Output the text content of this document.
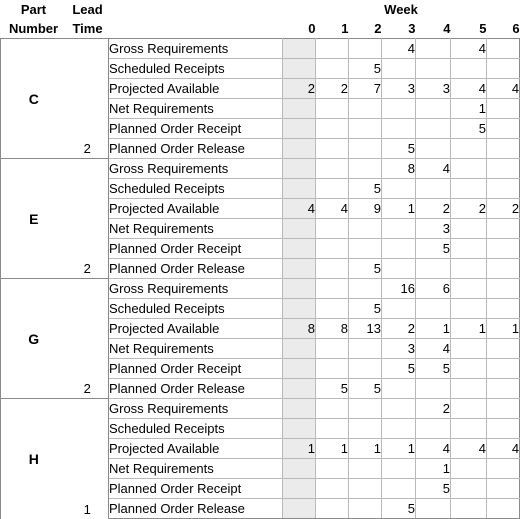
Part	Lead		Week						
Number	Time		0	1	2	3	4	5	6
C	2	Gross Requirements				4		4	
		Scheduled Receipts			5				
		Projected Available	2	2	7	3	3	4	4
		Net Requirements						1	
		Planned Order Receipt						5	
		Planned Order Release				5			
E	2	Gross Requirements				8	4		
		Scheduled Receipts			5				
		Projected Available	4	4	9	1	2	2	2
		Net Requirements					3		
		Planned Order Receipt					5		
		Planned Order Release			5				
G	2	Gross Requirements				16	6		
		Scheduled Receipts			5				
		Projected Available	8	8	13	2	1	1	1
		Net Requirements				3	4		
		Planned Order Receipt				5	5		
		Planned Order Release		5	5				
H	1	Gross Requirements					2		
		Scheduled Receipts							
		Projected Available	1	1	1	1	4	4	4
		Net Requirements					1		
		Planned Order Receipt					5		
		Planned Order Release				5			
